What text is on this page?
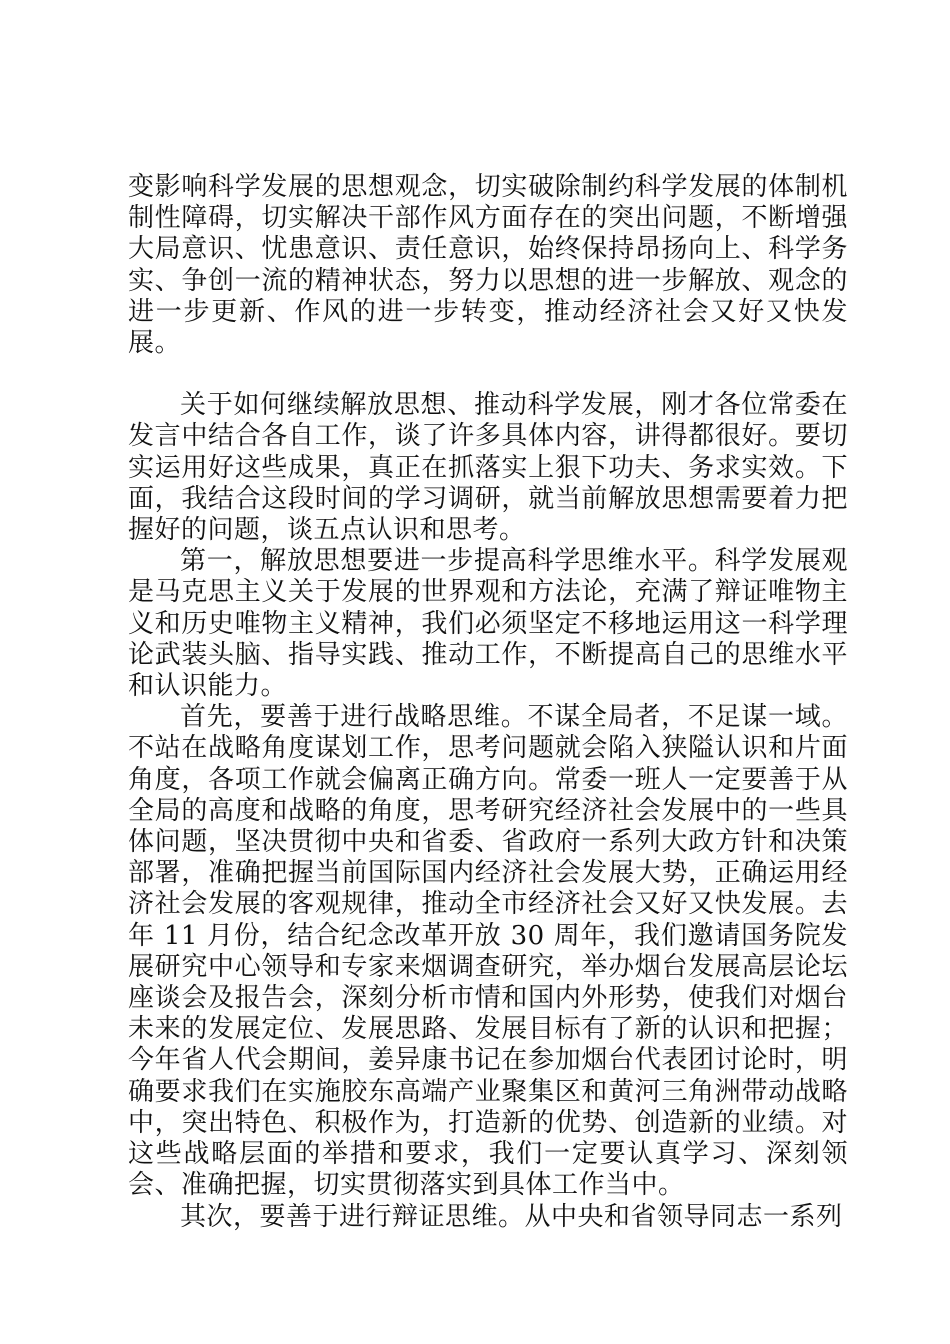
变影响科学发展的思想观念，切实破除制约科学发展的体制机制性障碍，切实解决干部作风方面存在的突出问题，不断增强大局意识、忧患意识、责任意识，始终保持昂扬向上、科学务实、争创一流的精神状态，努力以思想的进一步解放、观念的进一步更新、作风的进一步转变，推动经济社会又好又快发展。

关于如何继续解放思想、推动科学发展，刚才各位常委在发言中结合各自工作，谈了许多具体内容，讲得都很好。要切实运用好这些成果，真正在抓落实上狠下功夫、务求实效。下面，我结合这段时间的学习调研，就当前解放思想需要着力把握好的问题，谈五点认识和思考。

第一，解放思想要进一步提高科学思维水平。科学发展观是马克思主义关于发展的世界观和方法论，充满了辩证唯物主义和历史唯物主义精神，我们必须坚定不移地运用这一科学理论武装头脑、指导实践、推动工作，不断提高自己的思维水平和认识能力。

首先，要善于进行战略思维。不谋全局者，不足谋一域。不站在战略角度谋划工作，思考问题就会陷入狭隘认识和片面角度，各项工作就会偏离正确方向。常委一班人一定要善于从全局的高度和战略的角度，思考研究经济社会发展中的一些具体问题，坚决贯彻中央和省委、省政府一系列大政方针和决策部署，准确把握当前国际国内经济社会发展大势，正确运用经济社会发展的客观规律，推动全市经济社会又好又快发展。去年 11 月份，结合纪念改革开放 30 周年，我们邀请国务院发展研究中心领导和专家来烟调查研究，举办烟台发展高层论坛座谈会及报告会，深刻分析市情和国内外形势，使我们对烟台未来的发展定位、发展思路、发展目标有了新的认识和把握；今年省人代会期间，姜异康书记在参加烟台代表团讨论时，明确要求我们在实施胶东高端产业聚集区和黄河三角洲带动战略中，突出特色、积极作为，打造新的优势、创造新的业绩。对这些战略层面的举措和要求，我们一定要认真学习、深刻领会、准确把握，切实贯彻落实到具体工作当中。

其次，要善于进行辩证思维。从中央和省领导同志一系列
